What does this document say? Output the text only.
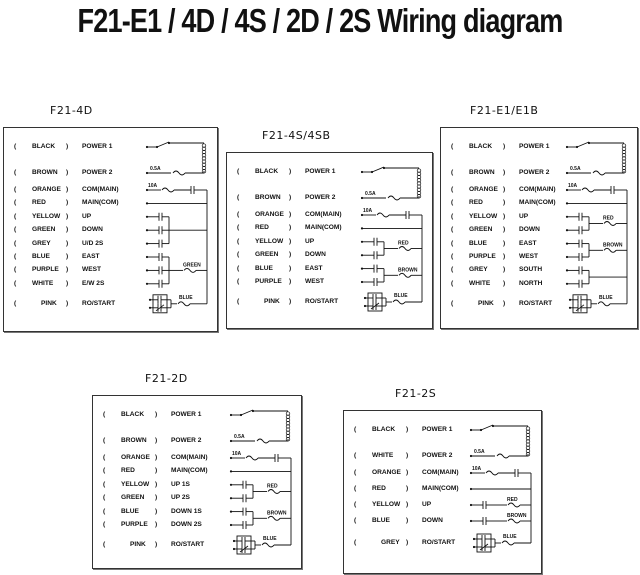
F21-E1 / 4D / 4S / 2D / 2S Wiring diagram
F21-4D
( BLACK ) POWER 1
( BROWN ) POWER 2
( ORANGE ) COM(MAIN)
( RED	) MAIN(COM)
( YELLOW ) UP
( GREEN ) DOWN
( GREY ) U/D 2S
( BLUE ) EAST
( PURPLE ) WEST
( WHITE ) E/W 2S
(	PINK ) RO/START
0.5A
10A
GREEN
BLUE
F21-4S/4SB
( BLACK ) POWER 1
( BROWN ) POWER 2
( ORANGE ) COM(MAIN)
( RED	) MAIN(COM)
( YELLOW ) UP
( GREEN ) DOWN
( BLUE ) EAST
( PURPLE ) WEST
(	PINK ) RO/START
0.5A
10A
RED
BROWN
BLUE
F21-E1/E1B
( BLACK ) POWER 1
( BROWN ) POWER 2
( ORANGE ) COM(MAIN)
( RED	) MAIN(COM)
( YELLOW ) UP
( GREEN ) DOWN
( BLUE ) EAST
( PURPLE ) WEST
( GREY ) SOUTH
( WHITE ) NORTH
(	PINK ) RO/START
0.5A
10A
RED
BROWN
BLUE
F21-2D
( BLACK ) POWER 1
( BROWN ) POWER 2
( ORANGE ) COM(MAIN)
( RED	) MAIN(COM)
( YELLOW ) UP 1S
( GREEN ) UP 2S
( BLUE ) DOWN 1S
( PURPLE ) DOWN 2S
(	PINK ) RO/START
0.5A
10A
RED
BROWN
BLUE
F21-2S
( BLACK ) POWER 1
( WHITE ) POWER 2
( ORANGE ) COM(MAIN)
( RED	) MAIN(COM)
( YELLOW ) UP
( BLUE ) DOWN
(	GREY ) RO/START
0.5A
10A
RED
BROWN
BLUE
